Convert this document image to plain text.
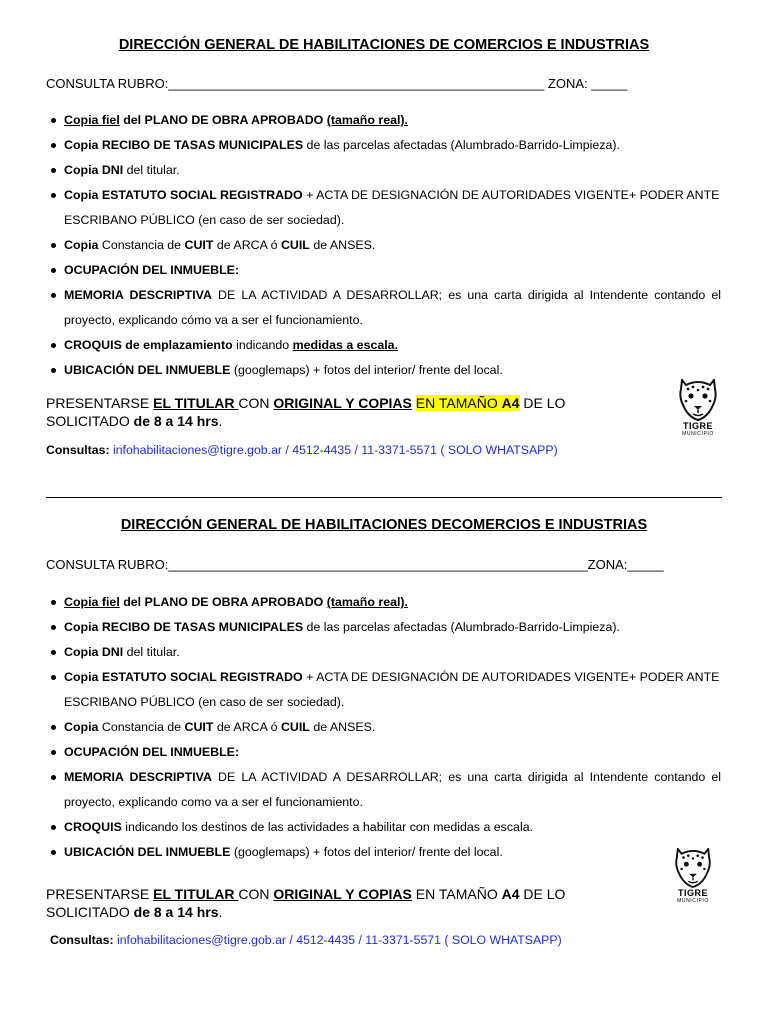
DIRECCIÓN GENERAL DE HABILITACIONES DE COMERCIOS E INDUSTRIAS
CONSULTA RUBRO:____________________________________________________ ZONA: _____
Copia fiel del PLANO DE OBRA APROBADO (tamaño real).
Copia RECIBO DE TASAS MUNICIPALES de las parcelas afectadas (Alumbrado-Barrido-Limpieza).
Copia DNI del titular.
Copia ESTATUTO SOCIAL REGISTRADO + ACTA DE DESIGNACIÓN DE AUTORIDADES VIGENTE+ PODER ANTE
ESCRIBANO PÚBLICO (en caso de ser sociedad).
Copia Constancia de CUIT de ARCA ó CUIL de ANSES.
OCUPACIÓN DEL INMUEBLE:
MEMORIA DESCRIPTIVA DE LA ACTIVIDAD A DESARROLLAR; es una carta dirigida al Intendente contando el
proyecto, explicando cómo va a ser el funcionamiento.
CROQUIS de emplazamiento indicando medidas a escala.
UBICACIÓN DEL INMUEBLE (googlemaps) + fotos del interior/ frente del local.
PRESENTARSE EL TITULAR CON ORIGINAL Y COPIAS EN TAMAÑO A4 DE LO
SOLICITADO de 8 a 14 hrs.
Consultas: infohabilitaciones@tigre.gob.ar / 4512-4435 / 11-3371-5571 ( SOLO WHATSAPP)
TIGRE
MUNICIPIO
DIRECCIÓN GENERAL DE HABILITACIONES DECOMERCIOS E INDUSTRIAS
CONSULTA RUBRO:__________________________________________________________ZONA:_____
Copia fiel del PLANO DE OBRA APROBADO (tamaño real).
Copia RECIBO DE TASAS MUNICIPALES de las parcelas afectadas (Alumbrado-Barrido-Limpieza).
Copia DNI del titular.
Copia ESTATUTO SOCIAL REGISTRADO + ACTA DE DESIGNACIÓN DE AUTORIDADES VIGENTE+ PODER ANTE
ESCRIBANO PÚBLICO (en caso de ser sociedad).
Copia Constancia de CUIT de ARCA ó CUIL de ANSES.
OCUPACIÓN DEL INMUEBLE:
MEMORIA DESCRIPTIVA DE LA ACTIVIDAD A DESARROLLAR; es una carta dirigida al Intendente contando el
proyecto, explicando como va a ser el funcionamiento.
CROQUIS indicando los destinos de las actividades a habilitar con medidas a escala.
UBICACIÓN DEL INMUEBLE (googlemaps) + fotos del interior/ frente del local.
PRESENTARSE EL TITULAR CON ORIGINAL Y COPIAS EN TAMAÑO A4 DE LO
SOLICITADO de 8 a 14 hrs.
Consultas: infohabilitaciones@tigre.gob.ar / 4512-4435 / 11-3371-5571 ( SOLO WHATSAPP)
TIGRE
MUNICIPIO
